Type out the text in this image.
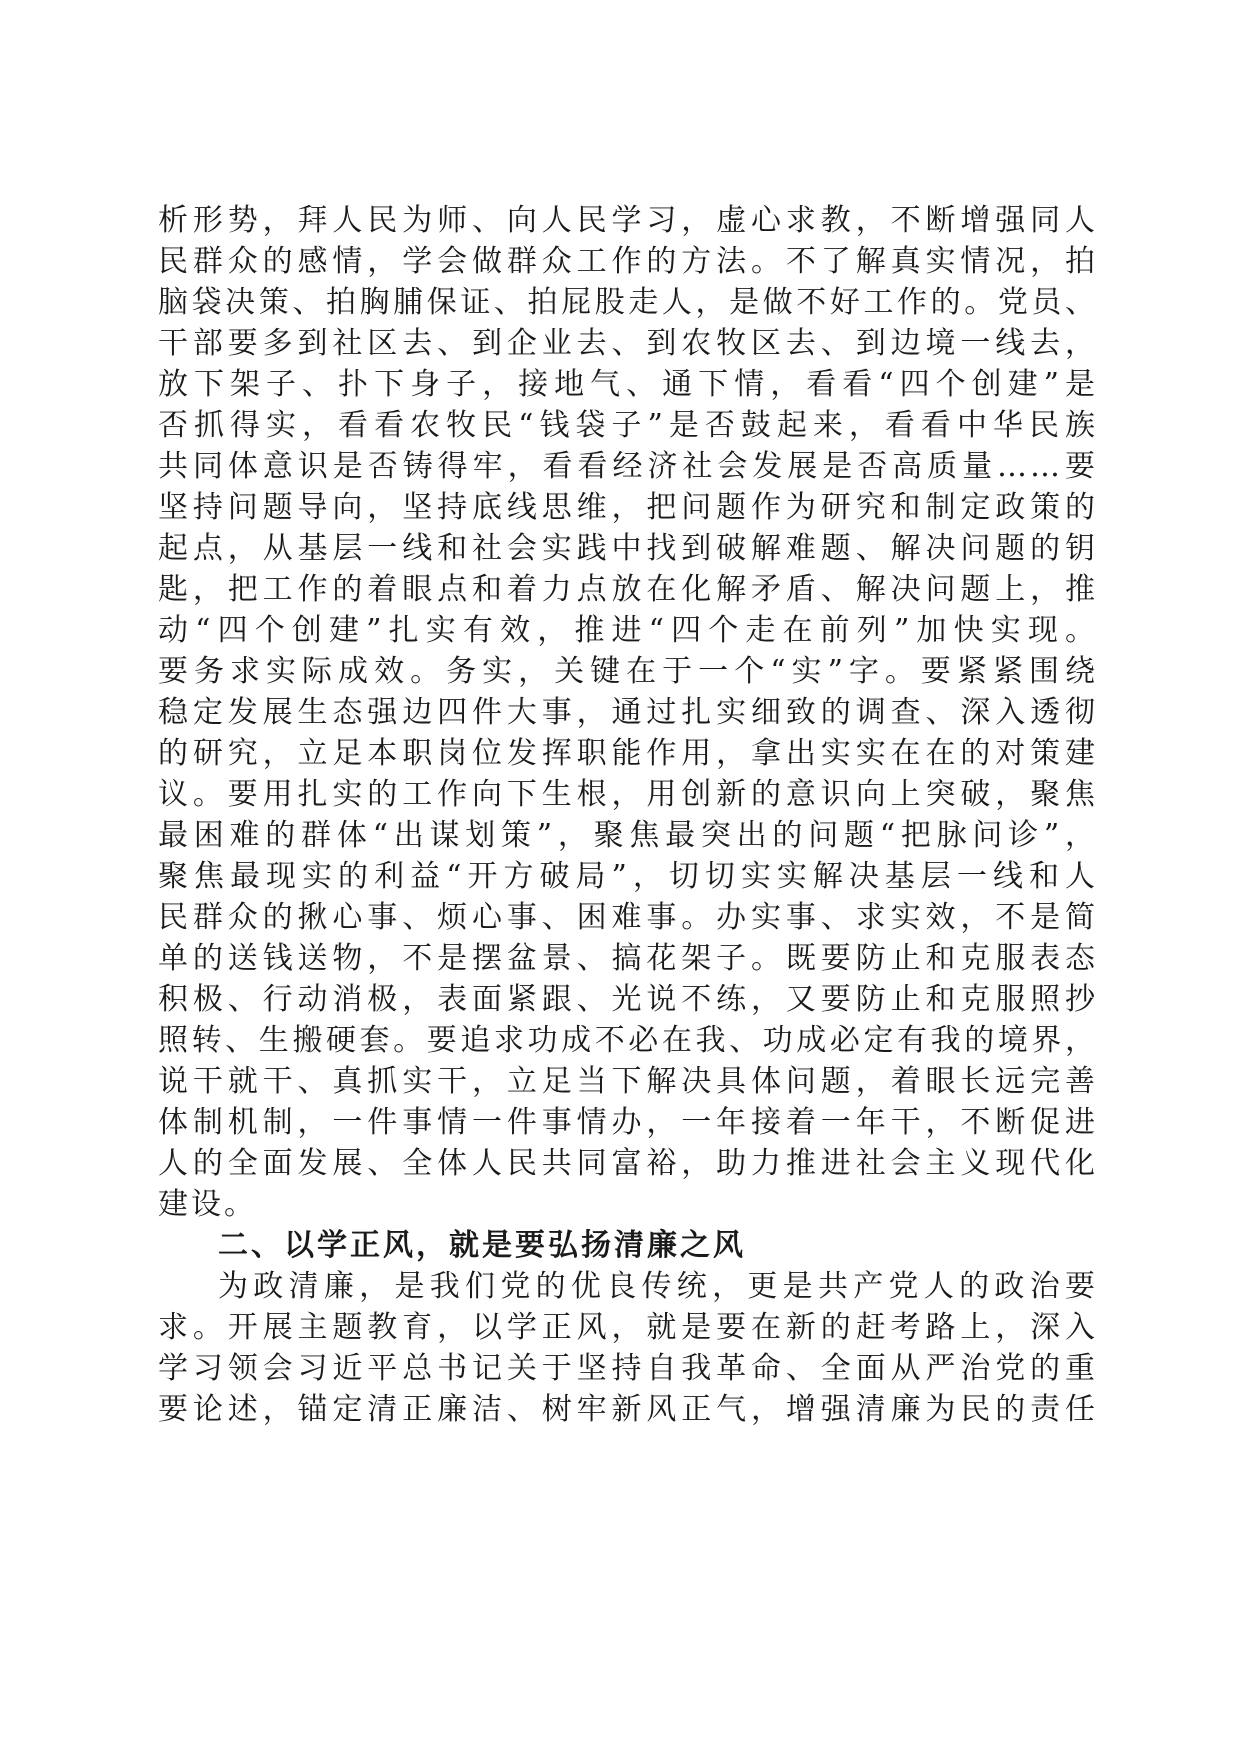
析形势，拜人民为师、向人民学习，虚心求教，不断增强同人
民群众的感情，学会做群众工作的方法。不了解真实情况，拍
脑袋决策、拍胸脯保证、拍屁股走人，是做不好工作的。党员、
干部要多到社区去、到企业去、到农牧区去、到边境一线去，
放下架子、扑下身子，接地气、通下情，看看“四个创建”是
否抓得实，看看农牧民“钱袋子”是否鼓起来，看看中华民族
共同体意识是否铸得牢，看看经济社会发展是否高质量……要
坚持问题导向，坚持底线思维，把问题作为研究和制定政策的
起点，从基层一线和社会实践中找到破解难题、解决问题的钥
匙，把工作的着眼点和着力点放在化解矛盾、解决问题上，推
动“四个创建”扎实有效，推进“四个走在前列”加快实现。
要务求实际成效。务实，关键在于一个“实”字。要紧紧围绕
稳定发展生态强边四件大事，通过扎实细致的调查、深入透彻
的研究，立足本职岗位发挥职能作用，拿出实实在在的对策建
议。要用扎实的工作向下生根，用创新的意识向上突破，聚焦
最困难的群体“出谋划策”，聚焦最突出的问题“把脉问诊”，
聚焦最现实的利益“开方破局”，切切实实解决基层一线和人
民群众的揪心事、烦心事、困难事。办实事、求实效，不是简
单的送钱送物，不是摆盆景、搞花架子。既要防止和克服表态
积极、行动消极，表面紧跟、光说不练，又要防止和克服照抄
照转、生搬硬套。要追求功成不必在我、功成必定有我的境界，
说干就干、真抓实干，立足当下解决具体问题，着眼长远完善
体制机制，一件事情一件事情办，一年接着一年干，不断促进
人的全面发展、全体人民共同富裕，助力推进社会主义现代化
建设。
二、以学正风，就是要弘扬清廉之风
为政清廉，是我们党的优良传统，更是共产党人的政治要
求。开展主题教育，以学正风，就是要在新的赶考路上，深入
学习领会习近平总书记关于坚持自我革命、全面从严治党的重
要论述，锚定清正廉洁、树牢新风正气，增强清廉为民的责任
